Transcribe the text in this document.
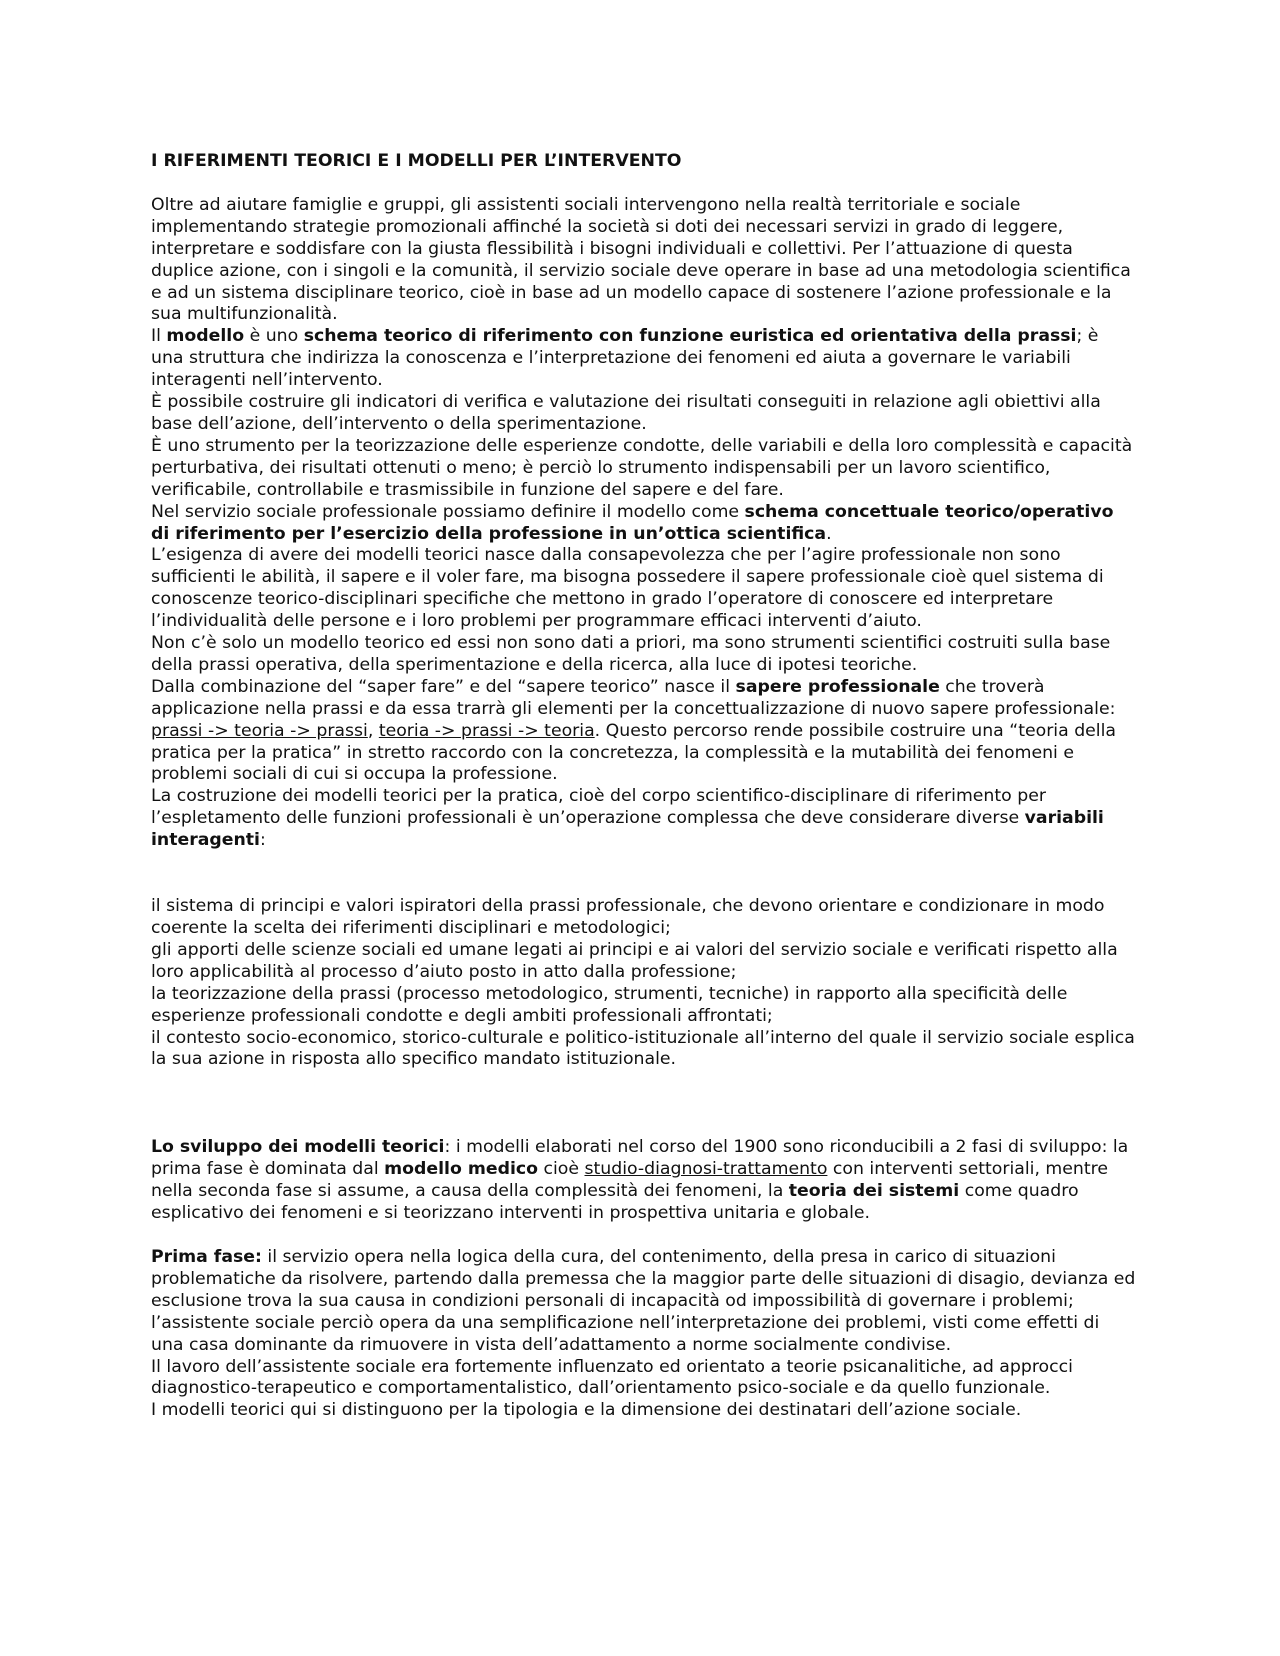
I RIFERIMENTI TEORICI E I MODELLI PER L’INTERVENTO

Oltre ad aiutare famiglie e gruppi, gli assistenti sociali intervengono nella realtà territoriale e sociale implementando strategie promozionali affinché la società si doti dei necessari servizi in grado di leggere, interpretare e soddisfare con la giusta flessibilità i bisogni individuali e collettivi. Per l’attuazione di questa duplice azione, con i singoli e la comunità, il servizio sociale deve operare in base ad una metodologia scientifica e ad un sistema disciplinare teorico, cioè in base ad un modello capace di sostenere l’azione professionale e la sua multifunzionalità.

Il modello è uno schema teorico di riferimento con funzione euristica ed orientativa della prassi; è una struttura che indirizza la conoscenza e l’interpretazione dei fenomeni ed aiuta a governare le variabili interagenti nell’intervento.

È possibile costruire gli indicatori di verifica e valutazione dei risultati conseguiti in relazione agli obiettivi alla base dell’azione, dell’intervento o della sperimentazione.

È uno strumento per la teorizzazione delle esperienze condotte, delle variabili e della loro complessità e capacità perturbativa, dei risultati ottenuti o meno; è perciò lo strumento indispensabili per un lavoro scientifico, verificabile, controllabile e trasmissibile in funzione del sapere e del fare.

Nel servizio sociale professionale possiamo definire il modello come schema concettuale teorico/operativo di riferimento per l’esercizio della professione in un’ottica scientifica.

L’esigenza di avere dei modelli teorici nasce dalla consapevolezza che per l’agire professionale non sono sufficienti le abilità, il sapere e il voler fare, ma bisogna possedere il sapere professionale cioè quel sistema di conoscenze teorico-disciplinari specifiche che mettono in grado l’operatore di conoscere ed interpretare l’individualità delle persone e i loro problemi per programmare efficaci interventi d’aiuto.

Non c’è solo un modello teorico ed essi non sono dati a priori, ma sono strumenti scientifici costruiti sulla base della prassi operativa, della sperimentazione e della ricerca, alla luce di ipotesi teoriche.

Dalla combinazione del “saper fare” e del “sapere teorico” nasce il sapere professionale che troverà applicazione nella prassi e da essa trarrà gli elementi per la concettualizzazione di nuovo sapere professionale: prassi -> teoria -> prassi, teoria -> prassi -> teoria. Questo percorso rende possibile costruire una “teoria della pratica per la pratica” in stretto raccordo con la concretezza, la complessità e la mutabilità dei fenomeni e problemi sociali di cui si occupa la professione.

La costruzione dei modelli teorici per la pratica, cioè del corpo scientifico-disciplinare di riferimento per l’espletamento delle funzioni professionali è un’operazione complessa che deve considerare diverse variabili interagenti:

il sistema di principi e valori ispiratori della prassi professionale, che devono orientare e condizionare in modo coerente la scelta dei riferimenti disciplinari e metodologici;

gli apporti delle scienze sociali ed umane legati ai principi e ai valori del servizio sociale e verificati rispetto alla loro applicabilità al processo d’aiuto posto in atto dalla professione;

la teorizzazione della prassi (processo metodologico, strumenti, tecniche) in rapporto alla specificità delle esperienze professionali condotte e degli ambiti professionali affrontati;

il contesto socio-economico, storico-culturale e politico-istituzionale all’interno del quale il servizio sociale esplica la sua azione in risposta allo specifico mandato istituzionale.

Lo sviluppo dei modelli teorici: i modelli elaborati nel corso del 1900 sono riconducibili a 2 fasi di sviluppo: la prima fase è dominata dal modello medico cioè studio-diagnosi-trattamento con interventi settoriali, mentre nella seconda fase si assume, a causa della complessità dei fenomeni, la teoria dei sistemi come quadro esplicativo dei fenomeni e si teorizzano interventi in prospettiva unitaria e globale.

Prima fase: il servizio opera nella logica della cura, del contenimento, della presa in carico di situazioni problematiche da risolvere, partendo dalla premessa che la maggior parte delle situazioni di disagio, devianza ed esclusione trova la sua causa in condizioni personali di incapacità od impossibilità di governare i problemi; l’assistente sociale perciò opera da una semplificazione nell’interpretazione dei problemi, visti come effetti di una casa dominante da rimuovere in vista dell’adattamento a norme socialmente condivise.

Il lavoro dell’assistente sociale era fortemente influenzato ed orientato a teorie psicanalitiche, ad approcci diagnostico-terapeutico e comportamentalistico, dall’orientamento psico-sociale e da quello funzionale.

I modelli teorici qui si distinguono per la tipologia e la dimensione dei destinatari dell’azione sociale.
